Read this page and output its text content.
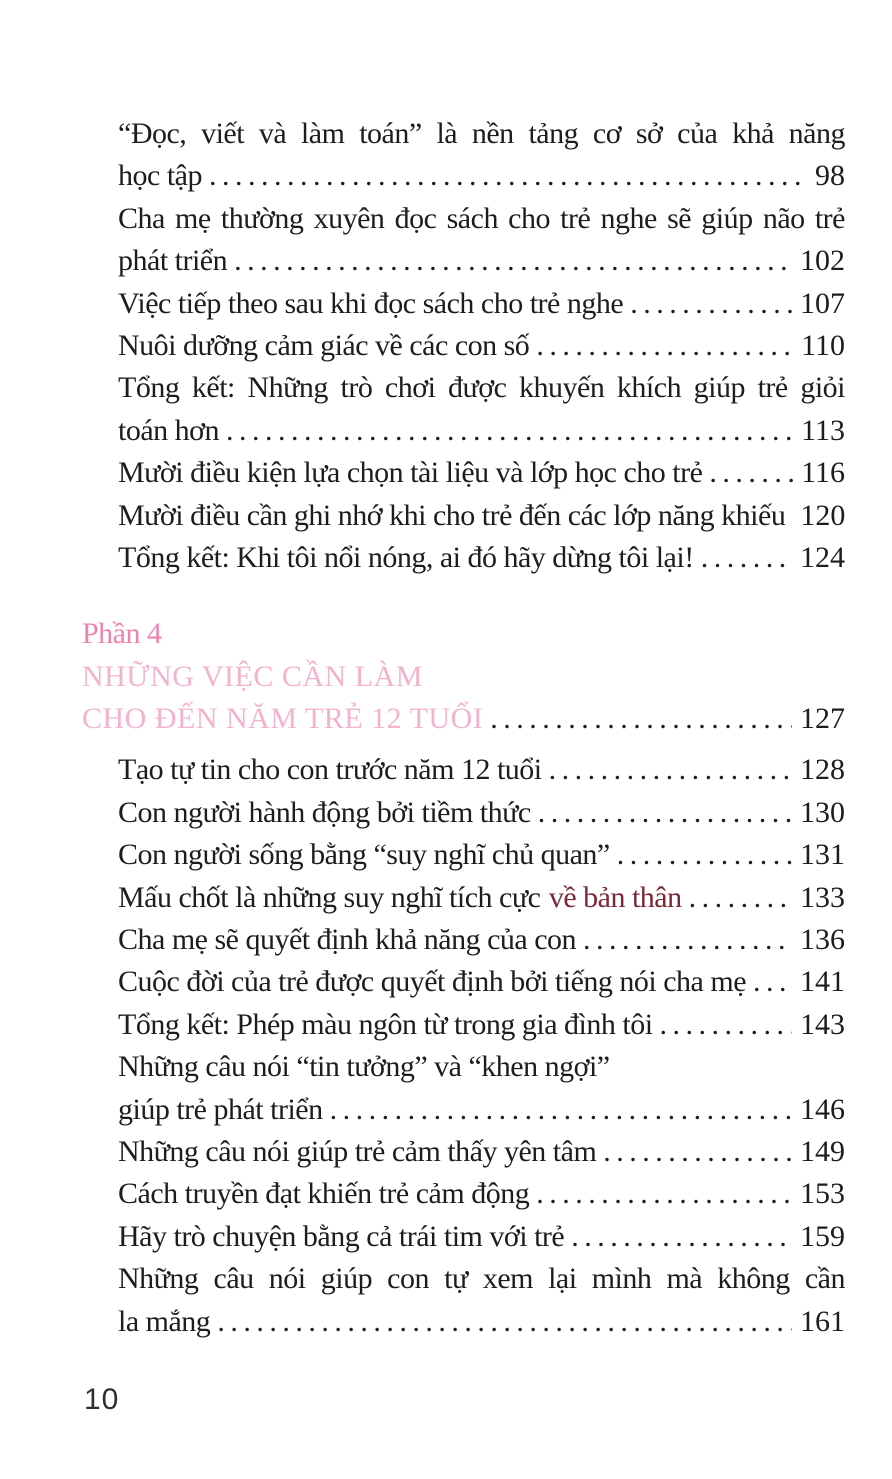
“Đọc, viết và làm toán” là nền tảng cơ sở của khả năng
học tập .....	98
Cha mẹ thường xuyên đọc sách cho trẻ nghe sẽ giúp não trẻ
phát triển .....	102
Việc tiếp theo sau khi đọc sách cho trẻ nghe .....	107
Nuôi dưỡng cảm giác về các con số .....	110
Tổng kết: Những trò chơi được khuyến khích giúp trẻ giỏi
toán hơn .....	113
Mười điều kiện lựa chọn tài liệu và lớp học cho trẻ .....	116
Mười điều cần ghi nhớ khi cho trẻ đến các lớp năng khiếu 120
Tổng kết: Khi tôi nổi nóng, ai đó hãy dừng tôi lại! .....	124
Phần 4
NHỮNG VIỆC CẦN LÀM
CHO ĐẾN NĂM TRẺ 12 TUỔI .....	127
Tạo tự tin cho con trước năm 12 tuổi .....	128
Con người hành động bởi tiềm thức .....	130
Con người sống bằng “suy nghĩ chủ quan” .....	131
Mấu chốt là những suy nghĩ tích cực về bản thân .....	133
Cha mẹ sẽ quyết định khả năng của con .....	136
Cuộc đời của trẻ được quyết định bởi tiếng nói cha mẹ ..... 141
Tổng kết: Phép màu ngôn từ trong gia đình tôi .....	143
Những câu nói “tin tưởng” và “khen ngợi”
giúp trẻ phát triển .....	146
Những câu nói giúp trẻ cảm thấy yên tâm .....	149
Cách truyền đạt khiến trẻ cảm động .....	153
Hãy trò chuyện bằng cả trái tim với trẻ .....	159
Những câu nói giúp con tự xem lại mình mà không cần
la mắng .....	161
10
